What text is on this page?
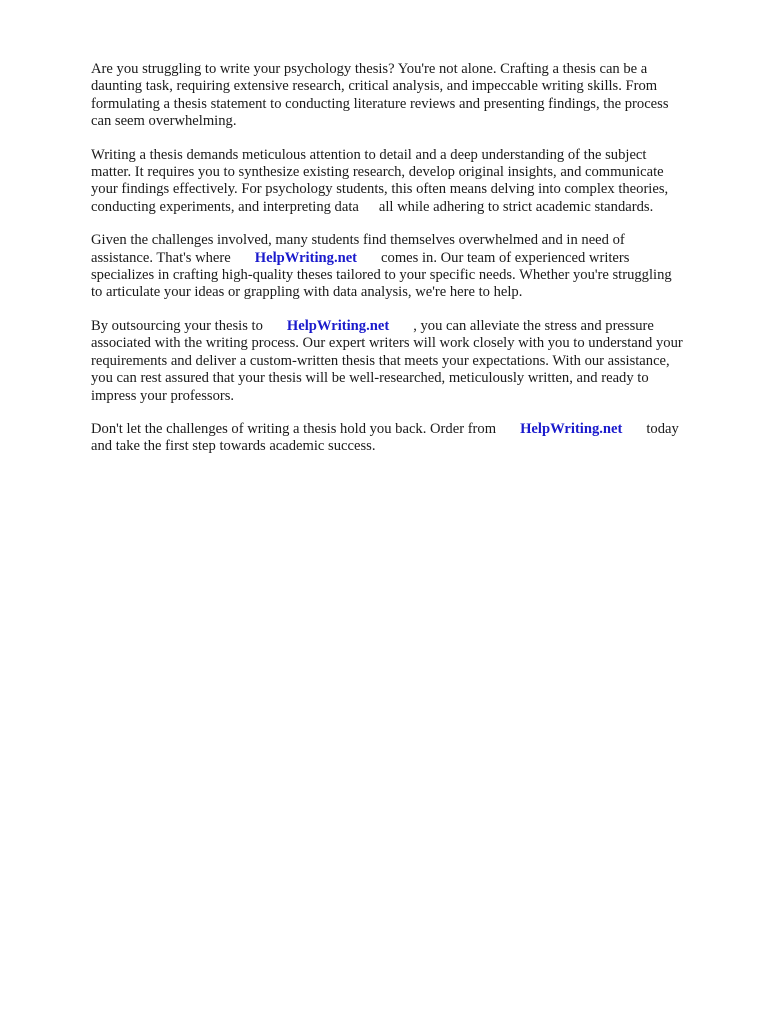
Are you struggling to write your psychology thesis? You're not alone. Crafting a thesis can be a
daunting task, requiring extensive research, critical analysis, and impeccable writing skills. From
formulating a thesis statement to conducting literature reviews and presenting findings, the process
can seem overwhelming.

Writing a thesis demands meticulous attention to detail and a deep understanding of the subject
matter. It requires you to synthesize existing research, develop original insights, and communicate
your findings effectively. For psychology students, this often means delving into complex theories,
conducting experiments, and interpreting data all while adhering to strict academic standards.

Given the challenges involved, many students find themselves overwhelmed and in need of
assistance. That's where HelpWriting.net comes in. Our team of experienced writers
specializes in crafting high-quality theses tailored to your specific needs. Whether you're struggling
to articulate your ideas or grappling with data analysis, we're here to help.

By outsourcing your thesis to HelpWriting.net , you can alleviate the stress and pressure
associated with the writing process. Our expert writers will work closely with you to understand your
requirements and deliver a custom-written thesis that meets your expectations. With our assistance,
you can rest assured that your thesis will be well-researched, meticulously written, and ready to
impress your professors.

Don't let the challenges of writing a thesis hold you back. Order from HelpWriting.net today
and take the first step towards academic success.
